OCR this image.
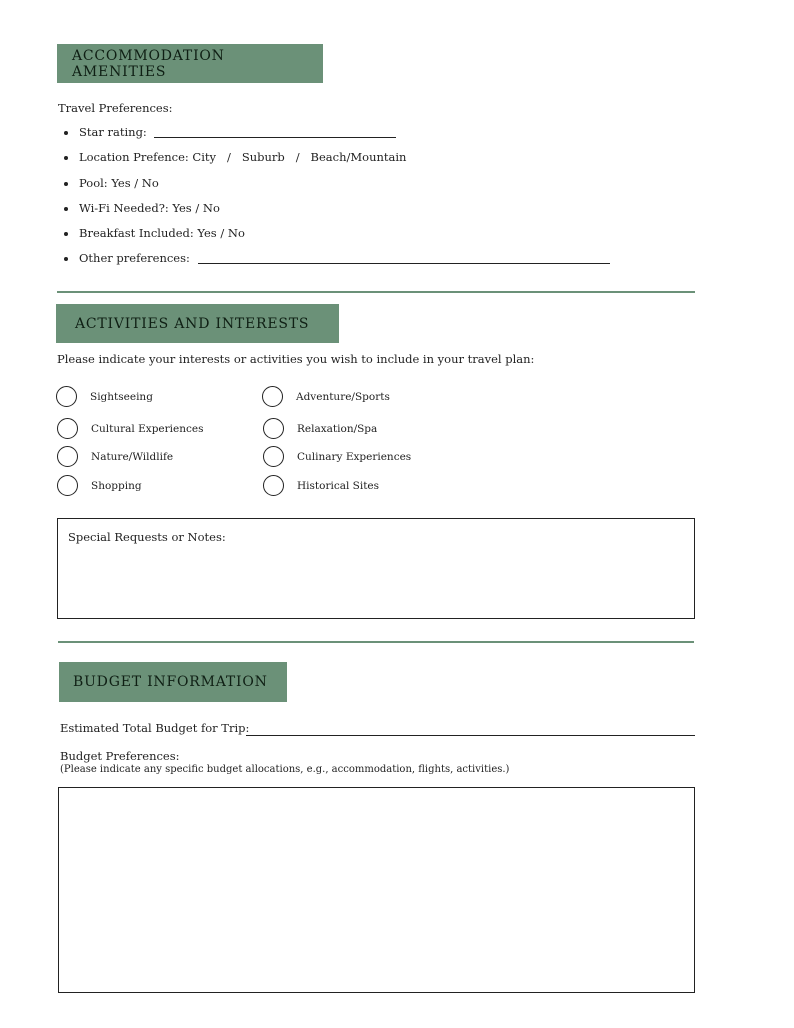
ACCOMMODATION AMENITIES
Travel Preferences:
Star rating:
Location Prefence: City   /   Suburb   /   Beach/Mountain
Pool: Yes / No
Wi-Fi Needed?: Yes / No
Breakfast Included: Yes / No
Other preferences:
ACTIVITIES AND INTERESTS
Please indicate your interests or activities you wish to include in your travel plan:
Sightseeing	Adventure/Sports
Cultural Experiences	Relaxation/Spa
Nature/Wildlife	Culinary Experiences
Shopping	Historical Sites
Special Requests or Notes:
BUDGET INFORMATION
Estimated Total Budget for Trip:
Budget Preferences:
(Please indicate any specific budget allocations, e.g., accommodation, flights, activities.)
